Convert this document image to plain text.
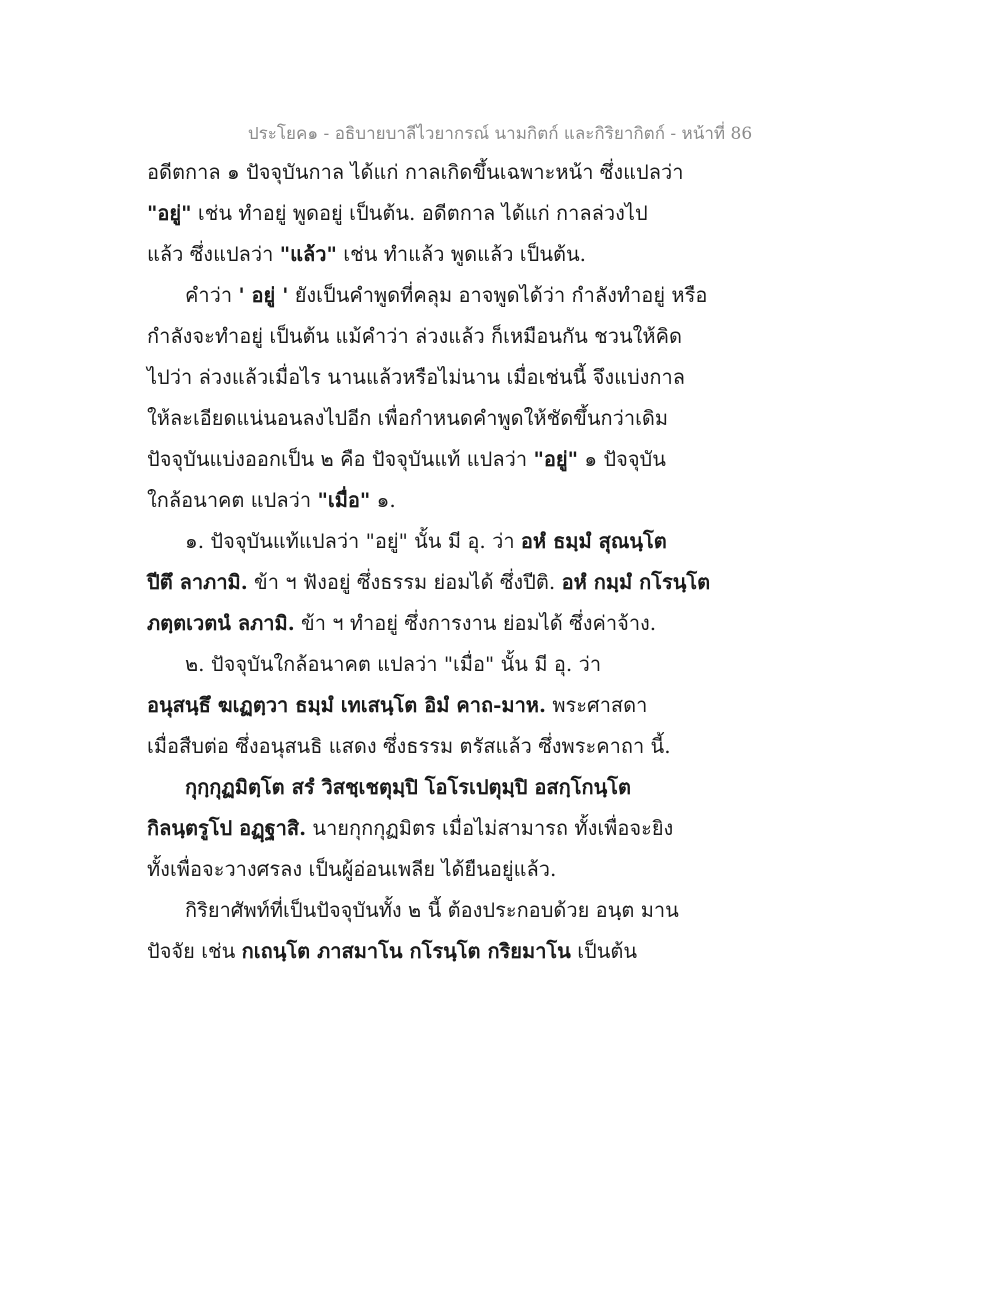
ประโยค๑ - อธิบายบาลีไวยากรณ์ นามกิตก์ และกิริยากิตก์ - หน้าที่ 86
อดีตกาล ๑ ปัจจุบันกาล ได้แก่ กาลเกิดขึ้นเฉพาะหน้า ซึ่งแปลว่า
"อยู่" เช่น ทำอยู่ พูดอยู่ เป็นต้น. อดีตกาล ได้แก่ กาลล่วงไป
แล้ว ซึ่งแปลว่า "แล้ว" เช่น ทำแล้ว พูดแล้ว เป็นต้น.
คำว่า ' อยู่ ' ยังเป็นคำพูดที่คลุม อาจพูดได้ว่า กำลังทำอยู่ หรือ
กำลังจะทำอยู่ เป็นต้น แม้คำว่า ล่วงแล้ว ก็เหมือนกัน ชวนให้คิด
ไปว่า ล่วงแล้วเมื่อไร นานแล้วหรือไม่นาน เมื่อเช่นนี้ จึงแบ่งกาล
ให้ละเอียดแน่นอนลงไปอีก เพื่อกำหนดคำพูดให้ชัดขึ้นกว่าเดิม
ปัจจุบันแบ่งออกเป็น ๒ คือ ปัจจุบันแท้ แปลว่า "อยู่" ๑ ปัจจุบัน
ใกล้อนาคต แปลว่า "เมื่อ" ๑.
๑. ปัจจุบันแท้แปลว่า "อยู่" นั้น มี อุ. ว่า อหํ ธมฺมํ สุณนฺโต
ปีตึ ลาภามิ. ข้า ฯ ฟังอยู่ ซึ่งธรรม ย่อมได้ ซึ่งปีติ. อหํ กมฺมํ กโรนฺโต
ภตฺตเวตนํ ลภามิ. ข้า ฯ ทำอยู่ ซึ่งการงาน ย่อมได้ ซึ่งค่าจ้าง.
๒. ปัจจุบันใกล้อนาคต แปลว่า "เมื่อ" นั้น มี อุ. ว่า
อนุสนฺธึ ฆเฏตฺวา ธมฺมํ เทเสนฺโต อิมํ คาถ-มาห. พระศาสดา
เมื่อสืบต่อ ซึ่งอนุสนธิ แสดง ซึ่งธรรม ตรัสแล้ว ซึ่งพระคาถา นี้.
กุกฺกุฏมิตฺโต สรํ วิสชฺเชตุมฺปิ โอโรเปตุมฺปิ อสกฺโกนฺโต
กิลนฺตรูโป อฏฺฐาสิ. นายกุกกุฏมิตร เมื่อไม่สามารถ ทั้งเพื่อจะยิง
ทั้งเพื่อจะวางศรลง เป็นผู้อ่อนเพลีย ได้ยืนอยู่แล้ว.
กิริยาศัพท์ที่เป็นปัจจุบันทั้ง ๒ นี้ ต้องประกอบด้วย อนฺต มาน
ปัจจัย เช่น กเถนฺโต ภาสมาโน กโรนฺโต กริยมาโน เป็นต้น
